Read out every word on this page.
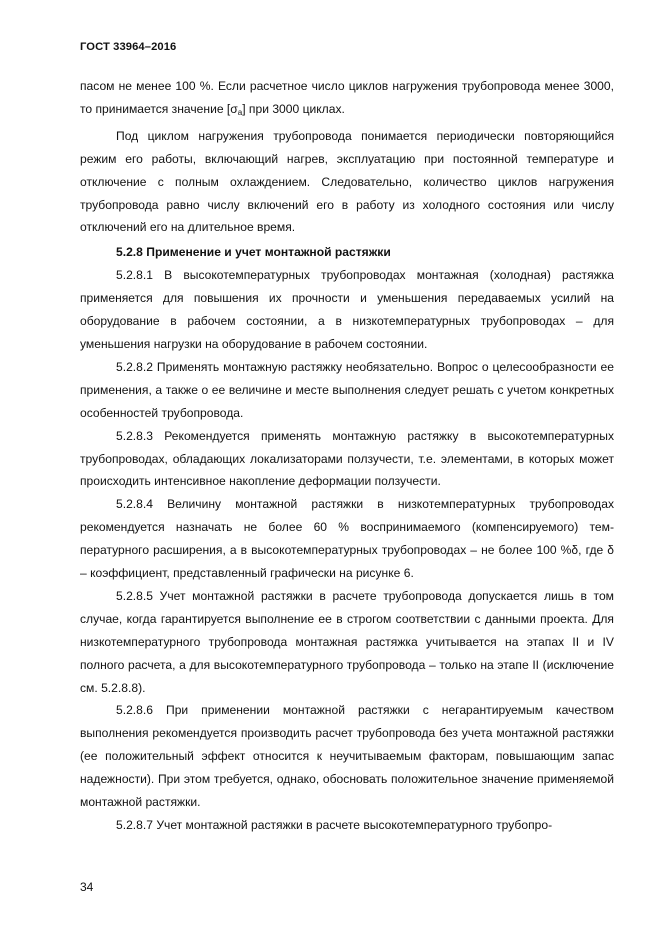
ГОСТ 33964–2016

пасом не менее 100 %. Если расчетное число циклов нагружения трубопровода менее 3000, то принимается значение $[\sigma_a]$ при 3000 циклах.

Под циклом нагружения трубопровода понимается периодически повторяющийся режим его работы, включающий нагрев, эксплуатацию при постоянной температуре и отключение с полным охлаждением. Следовательно, количество циклов нагружения трубопровода равно числу включений его в работу из холодного состояния или числу отключений его на длительное время.

5.2.8 Применение и учет монтажной растяжки

5.2.8.1 В высокотемпературных трубопроводах монтажная (холодная) растяжка применяется для повышения их прочности и уменьшения передаваемых усилий на оборудование в рабочем состоянии, а в низкотемпературных трубопроводах – для уменьшения нагрузки на оборудование в рабочем состоянии.

5.2.8.2 Применять монтажную растяжку необязательно. Вопрос о целесообразности ее применения, а также о ее величине и месте выполнения следует решать с учетом конкретных особенностей трубопровода.

5.2.8.3 Рекомендуется применять монтажную растяжку в высокотемпературных трубопроводах, обладающих локализаторами ползучести, т.е. элементами, в которых может происходить интенсивное накопление деформации ползучести.

5.2.8.4 Величину монтажной растяжки в низкотемпературных трубопроводах рекомендуется назначать не более 60 % воспринимаемого (компенсируемого) температурного расширения, а в высокотемпературных трубопроводах – не более 100 %δ, где δ – коэффициент, представленный графически на рисунке 6.

5.2.8.5 Учет монтажной растяжки в расчете трубопровода допускается лишь в том случае, когда гарантируется выполнение ее в строгом соответствии с данными проекта. Для низкотемпературного трубопровода монтажная растяжка учитывается на этапах II и IV полного расчета, а для высокотемпературного трубопровода – только на этапе II (исключение см. 5.2.8.8).

5.2.8.6 При применении монтажной растяжки с негарантируемым качеством выполнения рекомендуется производить расчет трубопровода без учета монтажной растяжки (ее положительный эффект относится к неучитываемым факторам, повышающим запас надежности). При этом требуется, однако, обосновать положительное значение применяемой монтажной растяжки.

5.2.8.7 Учет монтажной растяжки в расчете высокотемпературного трубопро-

34
